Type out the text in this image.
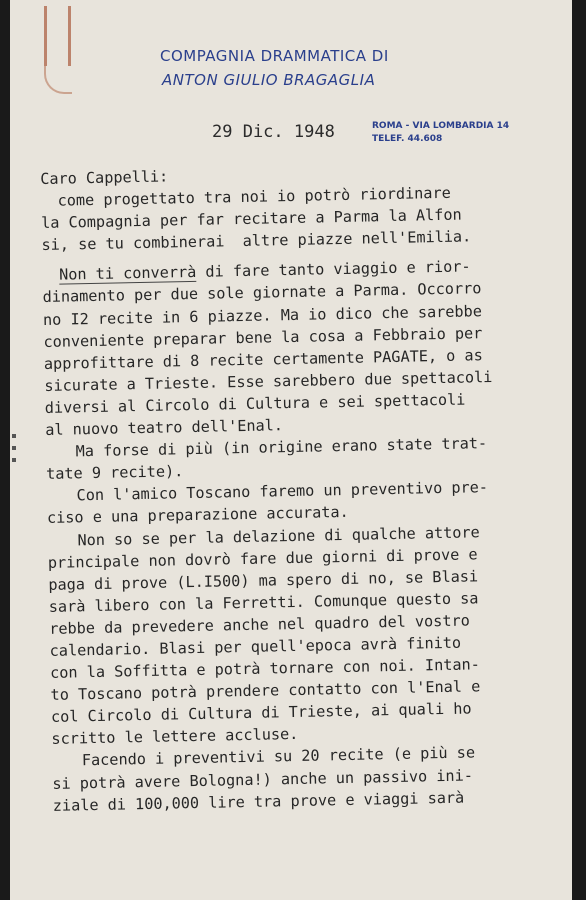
COMPAGNIA DRAMMATICA DI
ANTON GIULIO BRAGAGLIA
29 Dic. 1948	ROMA - VIA LOMBARDIA 14
TELEF. 44.608
Caro Cappelli:
come progettato tra noi io potrò riordinare
la Compagnia per far recitare a Parma la Alfon
si, se tu combinerai  altre piazze nell'Emilia.
Non ti converrà di fare tanto viaggio e rior-
dinamento per due sole giornate a Parma. Occorro
no I2 recite in 6 piazze. Ma io dico che sarebbe
conveniente preparar bene la cosa a Febbraio per
approfittare di 8 recite certamente PAGATE, o as
sicurate a Trieste. Esse sarebbero due spettacoli
diversi al Circolo di Cultura e sei spettacoli
al nuovo teatro dell'Enal.
Ma forse di più (in origine erano state trat-
tate 9 recite).
Con l'amico Toscano faremo un preventivo pre-
ciso e una preparazione accurata.
Non so se per la delazione di qualche attore
principale non dovrò fare due giorni di prove e
paga di prove (L.I500) ma spero di no, se Blasi
sarà libero con la Ferretti. Comunque questo sa
rebbe da prevedere anche nel quadro del vostro
calendario. Blasi per quell'epoca avrà finito
con la Soffitta e potrà tornare con noi. Intan-
to Toscano potrà prendere contatto con l'Enal e
col Circolo di Cultura di Trieste, ai quali ho
scritto le lettere accluse.
Facendo i preventivi su 20 recite (e più se
si potrà avere Bologna!) anche un passivo ini-
ziale di 100,000 lire tra prove e viaggi sarà
